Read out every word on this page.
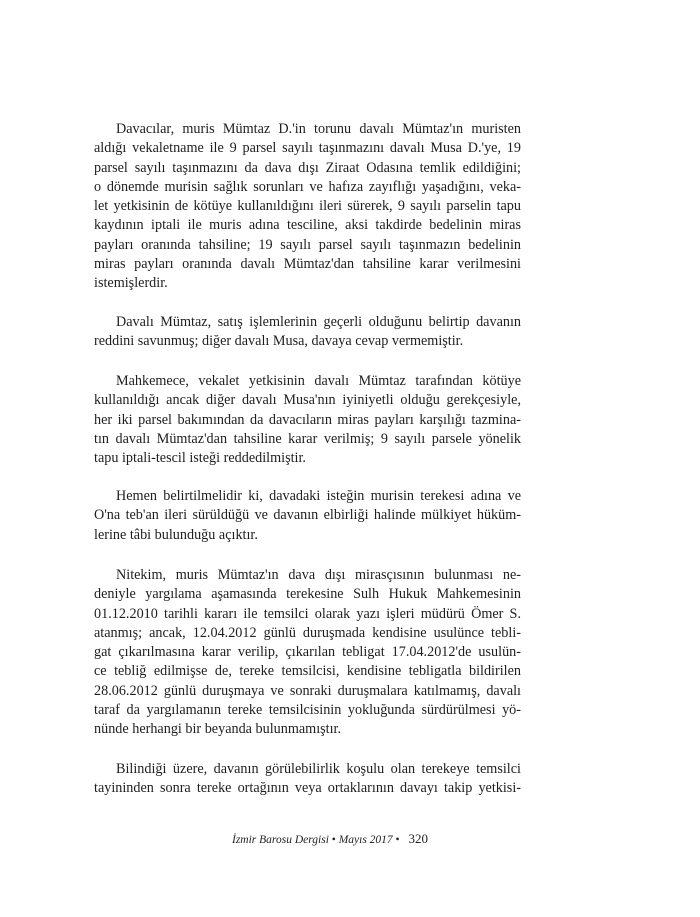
Davacılar, muris Mümtaz D.'in torunu davalı Mümtaz'ın muristen
aldığı vekaletname ile 9 parsel sayılı taşınmazını davalı Musa D.'ye, 19
parsel sayılı taşınmazını da dava dışı Ziraat Odasına temlik edildiğini;
o dönemde murisin sağlık sorunları ve hafıza zayıflığı yaşadığını, veka-
let yetkisinin de kötüye kullanıldığını ileri sürerek, 9 sayılı parselin tapu
kaydının iptali ile muris adına tesciline, aksi takdirde bedelinin miras
payları oranında tahsiline; 19 sayılı parsel sayılı taşınmazın bedelinin
miras payları oranında davalı Mümtaz'dan tahsiline karar verilmesini
istemişlerdir.
Davalı Mümtaz, satış işlemlerinin geçerli olduğunu belirtip davanın
reddini savunmuş; diğer davalı Musa, davaya cevap vermemiştir.
Mahkemece, vekalet yetkisinin davalı Mümtaz tarafından kötüye
kullanıldığı ancak diğer davalı Musa'nın iyiniyetli olduğu gerekçesiyle,
her iki parsel bakımından da davacıların miras payları karşılığı tazmina-
tın davalı Mümtaz'dan tahsiline karar verilmiş; 9 sayılı parsele yönelik
tapu iptali-tescil isteği reddedilmiştir.
Hemen belirtilmelidir ki, davadaki isteğin murisin terekesi adına ve
O'na teb'an ileri sürüldüğü ve davanın elbirliği halinde mülkiyet hüküm-
lerine tâbi bulunduğu açıktır.
Nitekim, muris Mümtaz'ın dava dışı mirasçısının bulunması ne-
deniyle yargılama aşamasında terekesine Sulh Hukuk Mahkemesinin
01.12.2010 tarihli kararı ile temsilci olarak yazı işleri müdürü Ömer S.
atanmış; ancak, 12.04.2012 günlü duruşmada kendisine usulünce tebli-
gat çıkarılmasına karar verilip, çıkarılan tebligat 17.04.2012'de usulün-
ce tebliğ edilmişse de, tereke temsilcisi, kendisine tebligatla bildirilen
28.06.2012 günlü duruşmaya ve sonraki duruşmalara katılmamış, davalı
taraf da yargılamanın tereke temsilcisinin yokluğunda sürdürülmesi yö-
nünde herhangi bir beyanda bulunmamıştır.
Bilindiği üzere, davanın görülebilirlik koşulu olan terekeye temsilci
tayininden sonra tereke ortağının veya ortaklarının davayı takip yetkisi-
İzmir Barosu Dergisi • Mayıs 2017 • 320
